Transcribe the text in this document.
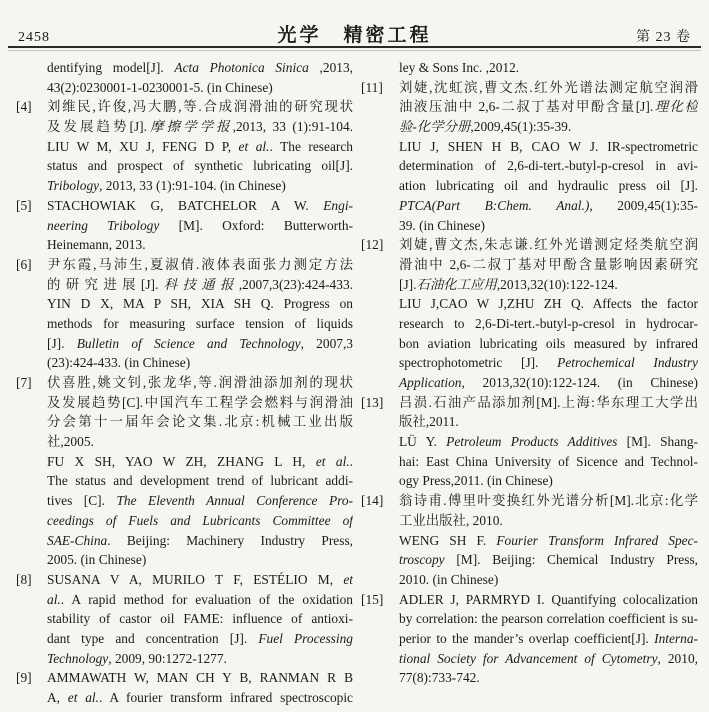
2458	光学　精密工程	第 23 卷
dentifying model[J]. Acta Photonica Sinica ,2013,
43(2):0230001-1-0230001-5. (in Chinese)
[4] 刘维民,许俊,冯大鹏,等.合成润滑油的研究现状
及发展趋势[J].摩擦学学报,2013, 33 (1):91-104.
LIU W M, XU J, FENG D P, et al.. The research
status and prospect of synthetic lubricating oil[J].
Tribology, 2013, 33 (1):91-104. (in Chinese)
[5] STACHOWIAK G, BATCHELOR A W. Engi-
neering Tribology [M]. Oxford: Butterworth-
Heinemann, 2013.
[6] 尹东霞,马沛生,夏淑倩.液体表面张力测定方法
的研究进展[J].科技通报,2007,3(23):424-433.
YIN D X, MA P SH, XIA SH Q. Progress on
methods for measuring surface tension of liquids
[J]. Bulletin of Science and Technology, 2007,3
(23):424-433. (in Chinese)
[7] 伏喜胜,姚文钊,张龙华,等.润滑油添加剂的现状
及发展趋势[C].中国汽车工程学会燃料与润滑油
分会第十一届年会论文集.北京:机械工业出版
社,2005.
FU X SH, YAO W ZH, ZHANG L H, et al..
The status and development trend of lubricant addi-
tives [C]. The Eleventh Annual Conference Pro-
ceedings of Fuels and Lubricants Committee of
SAE-China. Beijing: Machinery Industry Press,
2005. (in Chinese)
[8] SUSANA V A, MURILO T F, ESTÉLIO M, et
al.. A rapid method for evaluation of the oxidation
stability of castor oil FAME: influence of antioxi-
dant type and concentration [J]. Fuel Processing
Technology, 2009, 90:1272-1277.
[9] AMMAWATH W, MAN CH Y B, RANMAN R B
A, et al.. A fourier transform infrared spectroscopic
ley & Sons Inc. ,2012.
[11] 刘婕,沈虹滨,曹文杰.红外光谱法测定航空润滑
油液压油中 2,6-二叔丁基对甲酚含量[J].理化检
验-化学分册,2009,45(1):35-39.
LIU J, SHEN H B, CAO W J. IR-spectrometric
determination of 2,6-di-tert.-butyl-p-cresol in avi-
ation lubricating oil and hydraulic press oil [J].
PTCA(Part B:Chem. Anal.), 2009,45(1):35-
39. (in Chinese)
[12] 刘婕,曹文杰,朱志谦.红外光谱测定烃类航空润
滑油中 2,6-二叔丁基对甲酚含量影响因素研究
[J].石油化工应用,2013,32(10):122-124.
LIU J,CAO W J,ZHU ZH Q. Affects the factor
research to 2,6-Di-tert.-butyl-p-cresol in hydrocar-
bon aviation lubricating oils measured by infrared
spectrophotometric [J]. Petrochemical Industry
Application, 2013,32(10):122-124. (in Chinese)
[13] 吕涢.石油产品添加剂[M].上海:华东理工大学出
版社,2011.
LÜ Y. Petroleum Products Additives [M]. Shang-
hai: East China University of Sicence and Technol-
ogy Press,2011. (in Chinese)
[14] 翁诗甫.傅里叶变换红外光谱分析[M].北京:化学
工业出版社, 2010.
WENG SH F. Fourier Transform Infrared Spec-
troscopy [M]. Beijing: Chemical Industry Press,
2010. (in Chinese)
[15] ADLER J, PARMRYD I. Quantifying colocalization
by correlation: the pearson correlation coefficient is su-
perior to the mander’s overlap coefficient[J]. Interna-
tional Society for Advancement of Cytometry, 2010,
77(8):733-742.
